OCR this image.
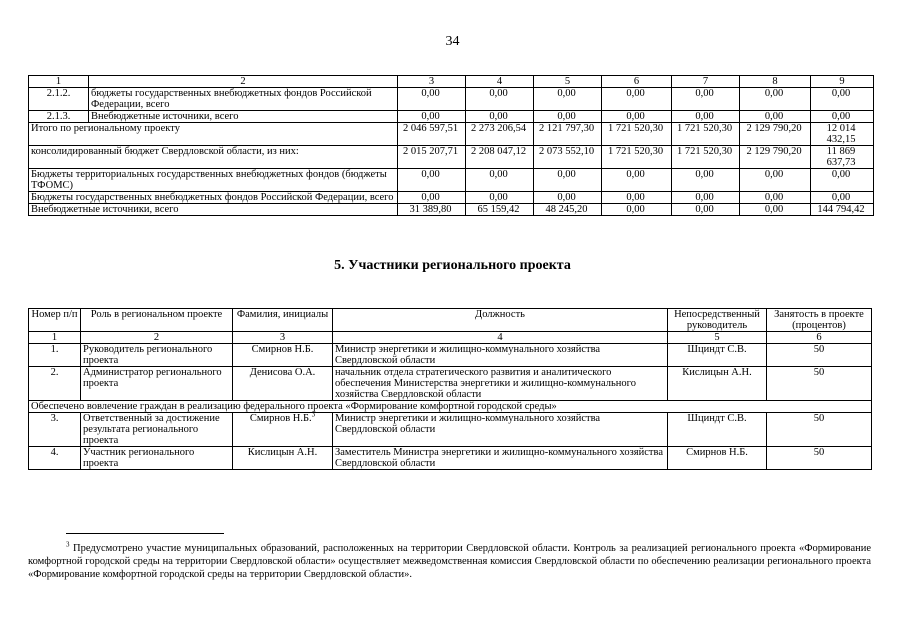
34
1	2	3	4	5	6	7	8	9
2.1.2.	бюджеты государственных внебюджетных фондов Российской Федерации, всего	0,00	0,00	0,00	0,00	0,00	0,00	0,00
2.1.3.	Внебюджетные источники, всего	0,00	0,00	0,00	0,00	0,00	0,00	0,00
Итого по региональному проекту		2 046 597,51	2 273 206,54	2 121 797,30	1 721 520,30	1 721 520,30	2 129 790,20	12 014 432,15
консолидированный бюджет Свердловской области, из них:		2 015 207,71	2 208 047,12	2 073 552,10	1 721 520,30	1 721 520,30	2 129 790,20	11 869 637,73
Бюджеты территориальных государственных внебюджетных фондов (бюджеты ТФОМС)		0,00	0,00	0,00	0,00	0,00	0,00	0,00
Бюджеты государственных внебюджетных фондов Российской Федерации, всего		0,00	0,00	0,00	0,00	0,00	0,00	0,00
Внебюджетные источники, всего		31 389,80	65 159,42	48 245,20	0,00	0,00	0,00	144 794,42
5. Участники регионального проекта
Номер п/п	Роль в региональном проекте	Фамилия, инициалы	Должность	Непосредственный руководитель	Занятость в проекте (процентов)
1	2	3	4	5	6
1.	Руководитель регионального проекта	Смирнов Н.Б.	Министр энергетики и жилищно-коммунального хозяйства Свердловской области	Шциндт С.В.	50
2.	Администратор регионального проекта	Денисова О.А.	начальник отдела стратегического развития и аналитического обеспечения Министерства энергетики и жилищно-коммунального хозяйства Свердловской области	Кислицын А.Н.	50
Обеспечено вовлечение граждан в реализацию федерального проекта «Формирование комфортной городской среды»					
3.	Ответственный за достижение результата регионального проекта	Смирнов Н.Б.$^3$	Министр энергетики и жилищно-коммунального хозяйства Свердловской области	Шциндт С.В.	50
4.	Участник регионального проекта	Кислицын А.Н.	Заместитель Министра энергетики и жилищно-коммунального хозяйства Свердловской области	Смирнов Н.Б.	50
$^3$ Предусмотрено участие муниципальных образований, расположенных на территории Свердловской области. Контроль за реализацией регионального проекта «Формирование комфортной городской среды на территории Свердловской области» осуществляет межведомственная комиссия Свердловской области по обеспечению реализации регионального проекта «Формирование комфортной городской среды на территории Свердловской области».
